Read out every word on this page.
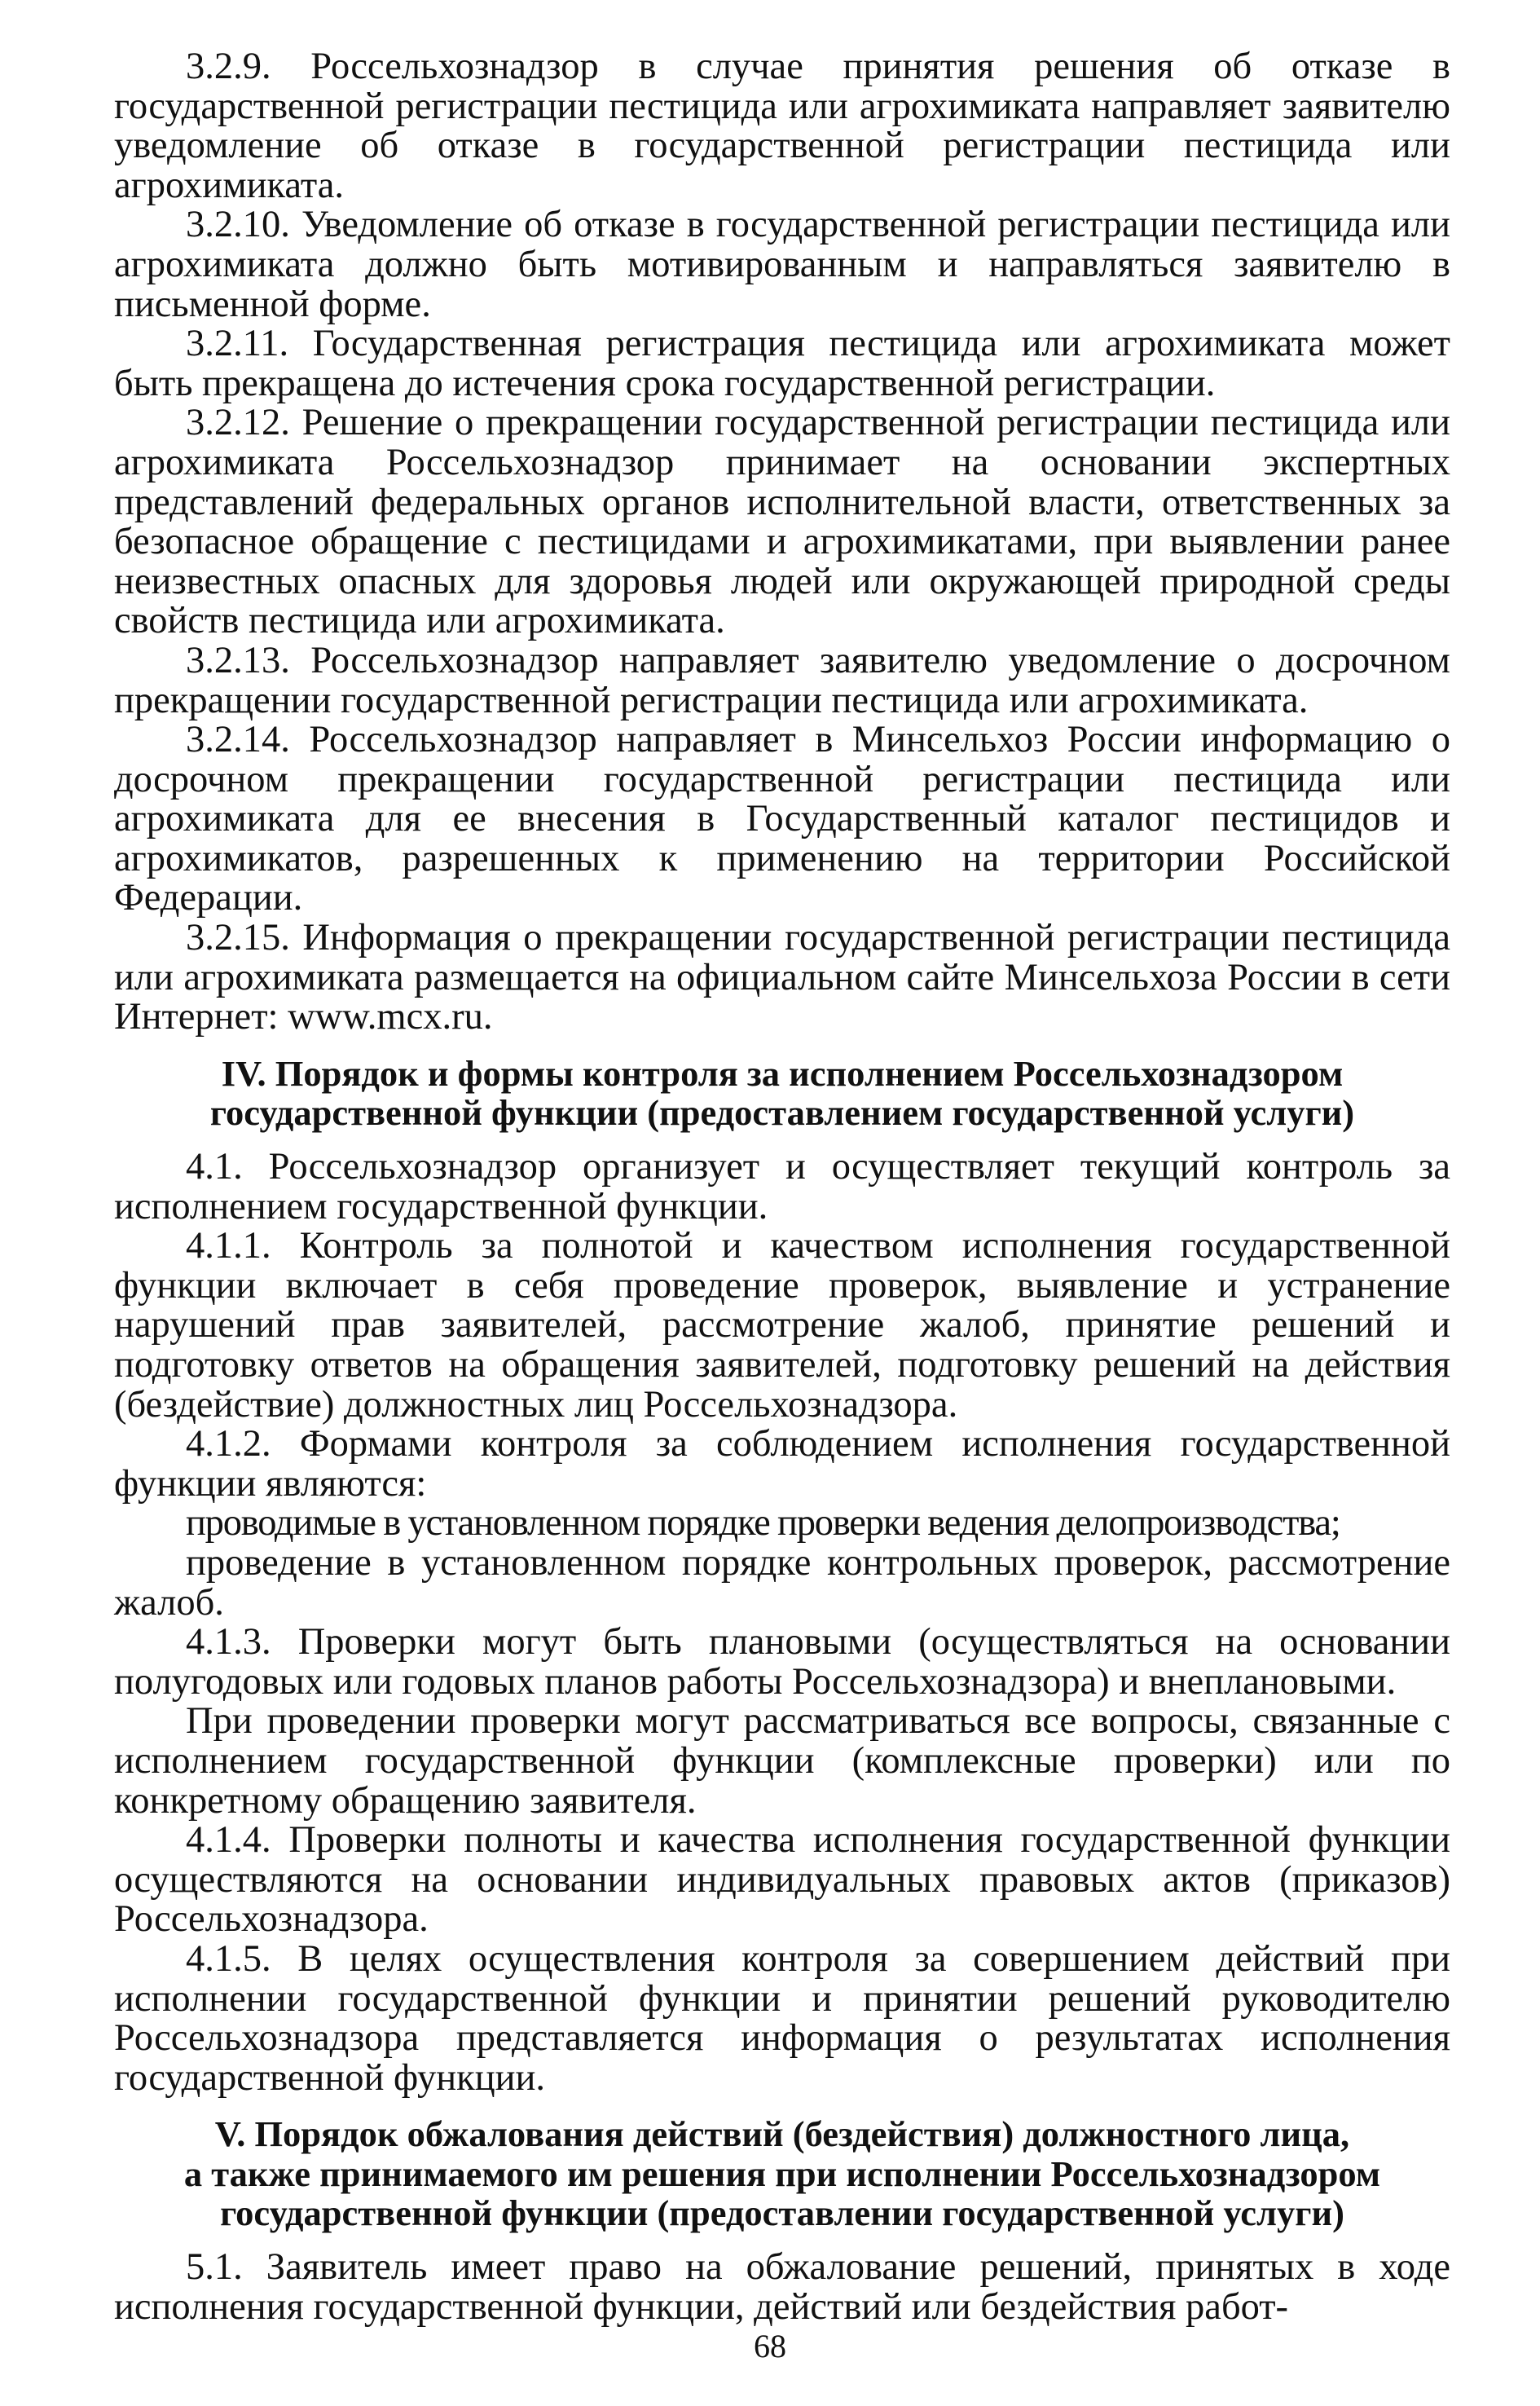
3.2.9. Россельхознадзор в случае принятия решения об отказе в государственной регистрации пестицида или агрохимиката направляет заявителю уведомление об отказе в государственной регистрации пестицида или агрохимиката.

3.2.10. Уведомление об отказе в государственной регистрации пестицида или агрохимиката должно быть мотивированным и направляться заявителю в письменной форме.

3.2.11. Государственная регистрация пестицида или агрохимиката может быть прекращена до истечения срока государственной регистрации.

3.2.12. Решение о прекращении государственной регистрации пестицида или агрохимиката Россельхознадзор принимает на основании экспертных представлений федеральных органов исполнительной власти, ответственных за безопасное обращение с пестицидами и агрохимикатами, при выявлении ранее неизвестных опасных для здоровья людей или окружающей природной среды свойств пестицида или агрохимиката.

3.2.13. Россельхознадзор направляет заявителю уведомление о досрочном прекращении государственной регистрации пестицида или агрохимиката.

3.2.14. Россельхознадзор направляет в Минсельхоз России информацию о досрочном прекращении государственной регистрации пестицида или агрохимиката для ее внесения в Государственный каталог пестицидов и агрохимикатов, разрешенных к применению на территории Российской Федерации.

3.2.15. Информация о прекращении государственной регистрации пестицида или агрохимиката размещается на официальном сайте Минсельхоза России в сети Интернет: www.mcx.ru.

IV. Порядок и формы контроля за исполнением Россельхознадзором
государственной функции (предоставлением государственной услуги)

4.1. Россельхознадзор организует и осуществляет текущий контроль за исполнением государственной функции.

4.1.1. Контроль за полнотой и качеством исполнения государственной функции включает в себя проведение проверок, выявление и устранение нарушений прав заявителей, рассмотрение жалоб, принятие решений и подготовку ответов на обращения заявителей, подготовку решений на действия (бездействие) должностных лиц Россельхознадзора.

4.1.2. Формами контроля за соблюдением исполнения государственной функции являются:

проводимые в установленном порядке проверки ведения делопроизводства;

проведение в установленном порядке контрольных проверок, рассмотрение жалоб.

4.1.3. Проверки могут быть плановыми (осуществляться на основании полугодовых или годовых планов работы Россельхознадзора) и внеплановыми.

При проведении проверки могут рассматриваться все вопросы, связанные с исполнением государственной функции (комплексные проверки) или по конкретному обращению заявителя.

4.1.4. Проверки полноты и качества исполнения государственной функции осуществляются на основании индивидуальных правовых актов (приказов) Россельхознадзора.

4.1.5. В целях осуществления контроля за совершением действий при исполнении государственной функции и принятии решений руководителю Россельхознадзора представляется информация о результатах исполнения государственной функции.

V. Порядок обжалования действий (бездействия) должностного лица,
а также принимаемого им решения при исполнении Россельхознадзором
государственной функции (предоставлении государственной услуги)

5.1. Заявитель имеет право на обжалование решений, принятых в ходе исполнения государственной функции, действий или бездействия работ-

68
